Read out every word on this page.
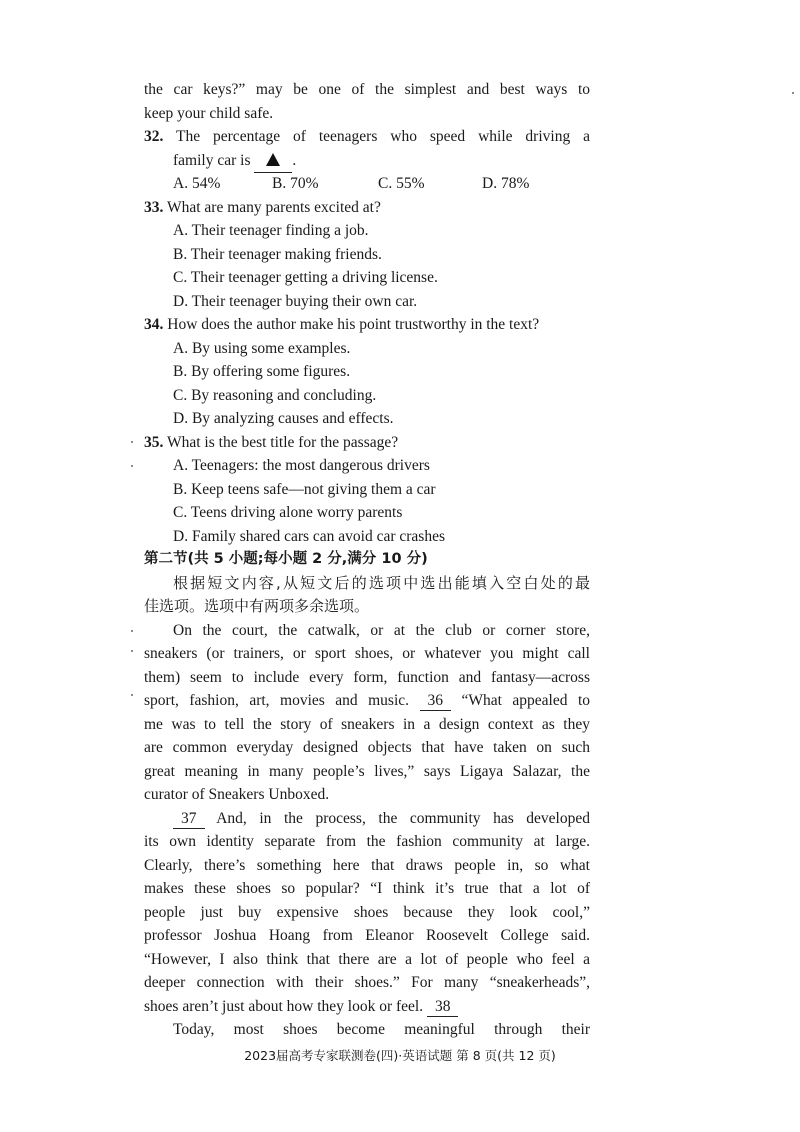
the car keys?” may be one of the simplest and best ways to
keep your child safe.
32. The percentage of teenagers who speed while driving a
family car is	.
A. 54%	B. 70%	C. 55%	D. 78%
33. What are many parents excited at?
A. Their teenager finding a job.
B. Their teenager making friends.
C. Their teenager getting a driving license.
D. Their teenager buying their own car.
34. How does the author make his point trustworthy in the text?
A. By using some examples.
B. By offering some figures.
C. By reasoning and concluding.
D. By analyzing causes and effects.
35. What is the best title for the passage?
A. Teenagers: the most dangerous drivers
B. Keep teens safe—not giving them a car
C. Teens driving alone worry parents
D. Family shared cars can avoid car crashes
第二节(共 5 小题;每小题 2 分,满分 10 分)
根据短文内容,从短文后的选项中选出能填入空白处的最
佳选项。选项中有两项多余选项。
On the court, the catwalk, or at the club or corner store,
sneakers (or trainers, or sport shoes, or whatever you might call
them) seem to include every form, function and fantasy—across
sport, fashion, art, movies and music. 36 “What appealed to
me was to tell the story of sneakers in a design context as they
are common everyday designed objects that have taken on such
great meaning in many people’s lives,” says Ligaya Salazar, the
curator of Sneakers Unboxed.
37 And, in the process, the community has developed
its own identity separate from the fashion community at large.
Clearly, there’s something here that draws people in, so what
makes these shoes so popular? “I think it’s true that a lot of
people just buy expensive shoes because they look cool,”
professor Joshua Hoang from Eleanor Roosevelt College said.
“However, I also think that there are a lot of people who feel a
deeper connection with their shoes.” For many “sneakerheads”,
shoes aren’t just about how they look or feel. 38
Today, most shoes become meaningful through their
2023届高考专家联测卷(四)·英语试题 第 8 页(共 12 页)
